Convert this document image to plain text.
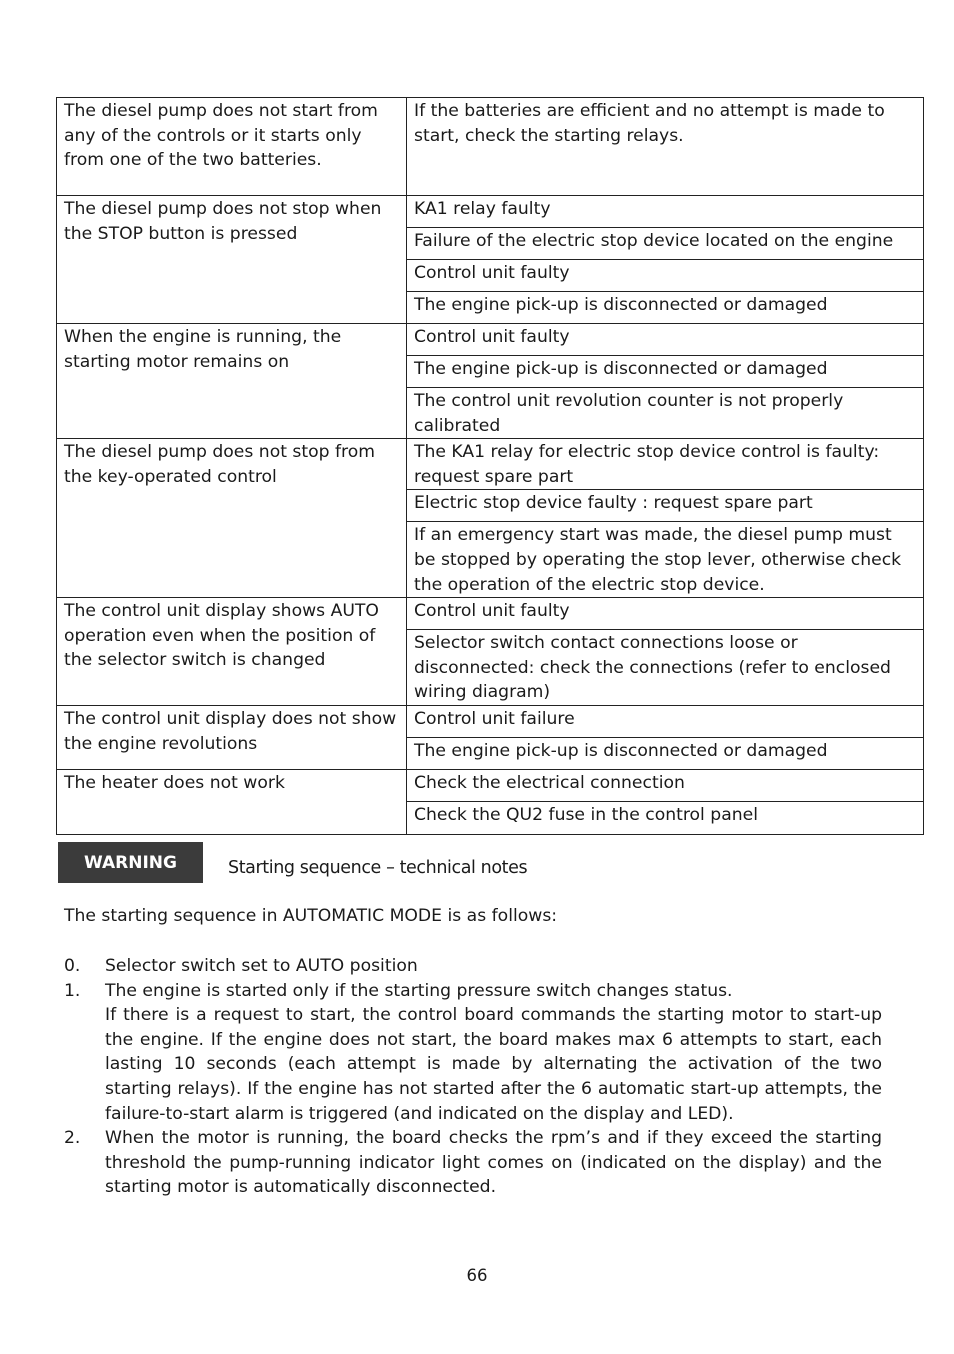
The diesel pump does not start from any of the controls or it starts only from one of the two batteries.	If the batteries are efficient and no attempt is made to start, check the starting relays.
The diesel pump does not stop when the STOP button is pressed	KA1 relay faulty
	Failure of the electric stop device located on the engine
	Control unit faulty
	The engine pick-up is disconnected or damaged
When the engine is running, the starting motor remains on	Control unit faulty
	The engine pick-up is disconnected or damaged
	The control unit revolution counter is not properly calibrated
The diesel pump does not stop from the key-operated control	The KA1 relay for electric stop device control is faulty: request spare part
	Electric stop device faulty : request spare part
	If an emergency start was made, the diesel pump must be stopped by operating the stop lever, otherwise check the operation of the electric stop device.
The control unit display shows AUTO operation even when the position of the selector switch is changed	Control unit faulty
	Selector switch contact connections loose or disconnected: check the connections (refer to enclosed wiring diagram)
The control unit display does not show the engine revolutions	Control unit failure
	The engine pick-up is disconnected or damaged
The heater does not work	Check the electrical connection
	Check the QU2 fuse in the control panel
WARNING	Starting sequence – technical notes
The starting sequence in AUTOMATIC MODE is as follows:
0. Selector switch set to AUTO position
1. The engine is started only if the starting pressure switch changes status.
If there is a request to start, the control board commands the starting motor to start-up the engine. If the engine does not start, the board makes max 6 attempts to start, each lasting 10 seconds (each attempt is made by alternating the activation of the two starting relays). If the engine has not started after the 6 automatic start-up attempts, the failure-to-start alarm is triggered (and indicated on the display and LED).
2. When the motor is running, the board checks the rpm’s and if they exceed the starting threshold the pump-running indicator light comes on (indicated on the display) and the starting motor is automatically disconnected.
66
